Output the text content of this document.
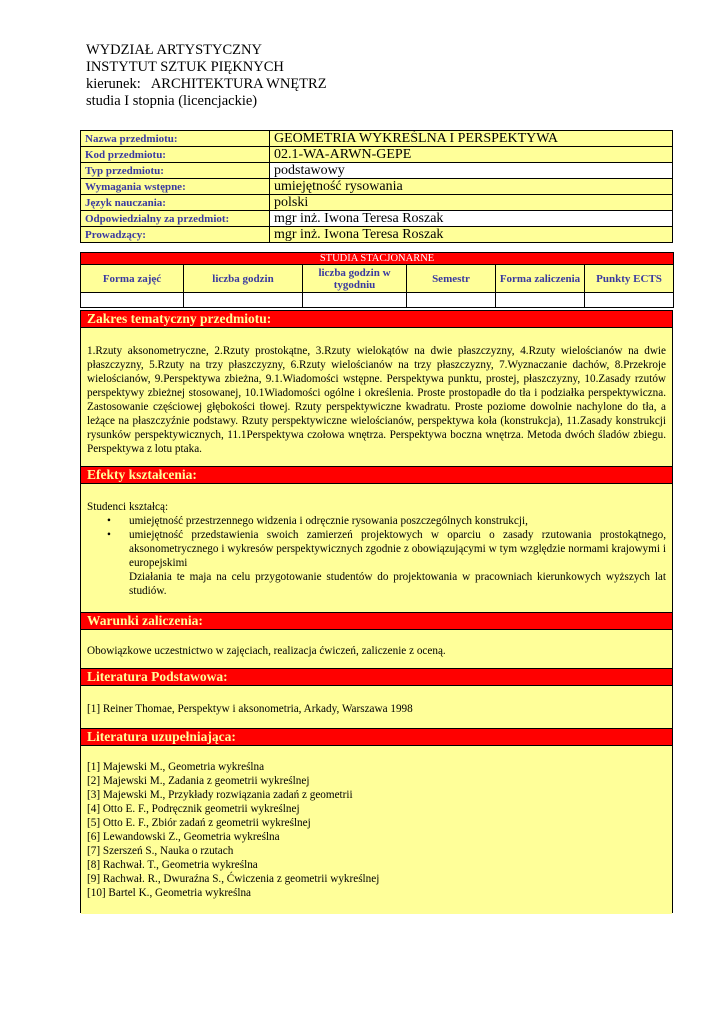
WYDZIAŁ ARTYSTYCZNY
INSTYTUT SZTUK PIĘKNYCH
kierunek:   ARCHITEKTURA WNĘTRZ
studia I stopnia (licencjackie)
Nazwa przedmiotu:	GEOMETRIA WYKREŚLNA I PERSPEKTYWA
Kod przedmiotu:	02.1-WA-ARWN-GEPE
Typ przedmiotu:	podstawowy
Wymagania wstępne:	umiejętność rysowania
Język nauczania:	polski
Odpowiedzialny za przedmiot:	mgr inż. Iwona Teresa Roszak
Prowadzący:	mgr inż. Iwona Teresa Roszak
STUDIA STACJONARNE					
Forma zajęć	liczba godzin	liczba godzin w tygodniu	Semestr	Forma zaliczenia	Punkty ECTS

Zakres tematyczny przedmiotu:
1.Rzuty aksonometryczne, 2.Rzuty prostokątne, 3.Rzuty wielokątów na dwie płaszczyzny, 4.Rzuty wielościanów na dwie płaszczyzny, 5.Rzuty na trzy płaszczyzny, 6.Rzuty wielościanów na trzy płaszczyzny, 7.Wyznaczanie dachów, 8.Przekroje wielościanów, 9.Perspektywa zbieżna, 9.1.Wiadomości wstępne. Perspektywa punktu, prostej, płaszczyzny, 10.Zasady rzutów perspektywy zbieżnej stosowanej, 10.1Wiadomości ogólne i określenia. Proste prostopadłe do tła i podziałka perspektywiczna. Zastosowanie częściowej głębokości tłowej. Rzuty perspektywiczne kwadratu. Proste poziome dowolnie nachylone do tła, a leżące na płaszczyźnie podstawy. Rzuty perspektywiczne wielościanów, perspektywa koła (konstrukcja), 11.Zasady konstrukcji rysunków perspektywicznych, 11.1Perspektywa czołowa wnętrza. Perspektywa boczna wnętrza. Metoda dwóch śladów zbiegu. Perspektywa z lotu ptaka.
Efekty kształcenia:
Studenci kształcą:
• umiejętność przestrzennego widzenia i odręcznie rysowania poszczególnych konstrukcji,
• umiejętność przedstawienia swoich zamierzeń projektowych w oparciu o zasady rzutowania prostokątnego, aksonometrycznego i wykresów perspektywicznych zgodnie z obowiązującymi w tym względzie normami krajowymi i europejskimi
Działania te maja na celu przygotowanie studentów do projektowania w pracowniach kierunkowych wyższych lat studiów.
Warunki zaliczenia:
Obowiązkowe uczestnictwo w zajęciach, realizacja ćwiczeń, zaliczenie z oceną.
Literatura Podstawowa:
[1] Reiner Thomae, Perspektyw i aksonometria, Arkady, Warszawa 1998
Literatura uzupełniająca:
[1] Majewski M., Geometria wykreślna
[2] Majewski M., Zadania z geometrii wykreślnej
[3] Majewski M., Przykłady rozwiązania zadań z geometrii
[4] Otto E. F., Podręcznik geometrii wykreślnej
[5] Otto E. F., Zbiór zadań z geometrii wykreślnej
[6] Lewandowski Z., Geometria wykreślna
[7] Szerszeń S., Nauka o rzutach
[8] Rachwał. T., Geometria wykreślna
[9] Rachwał. R., Dwuraźna S., Ćwiczenia z geometrii wykreślnej
[10] Bartel K., Geometria wykreślna
